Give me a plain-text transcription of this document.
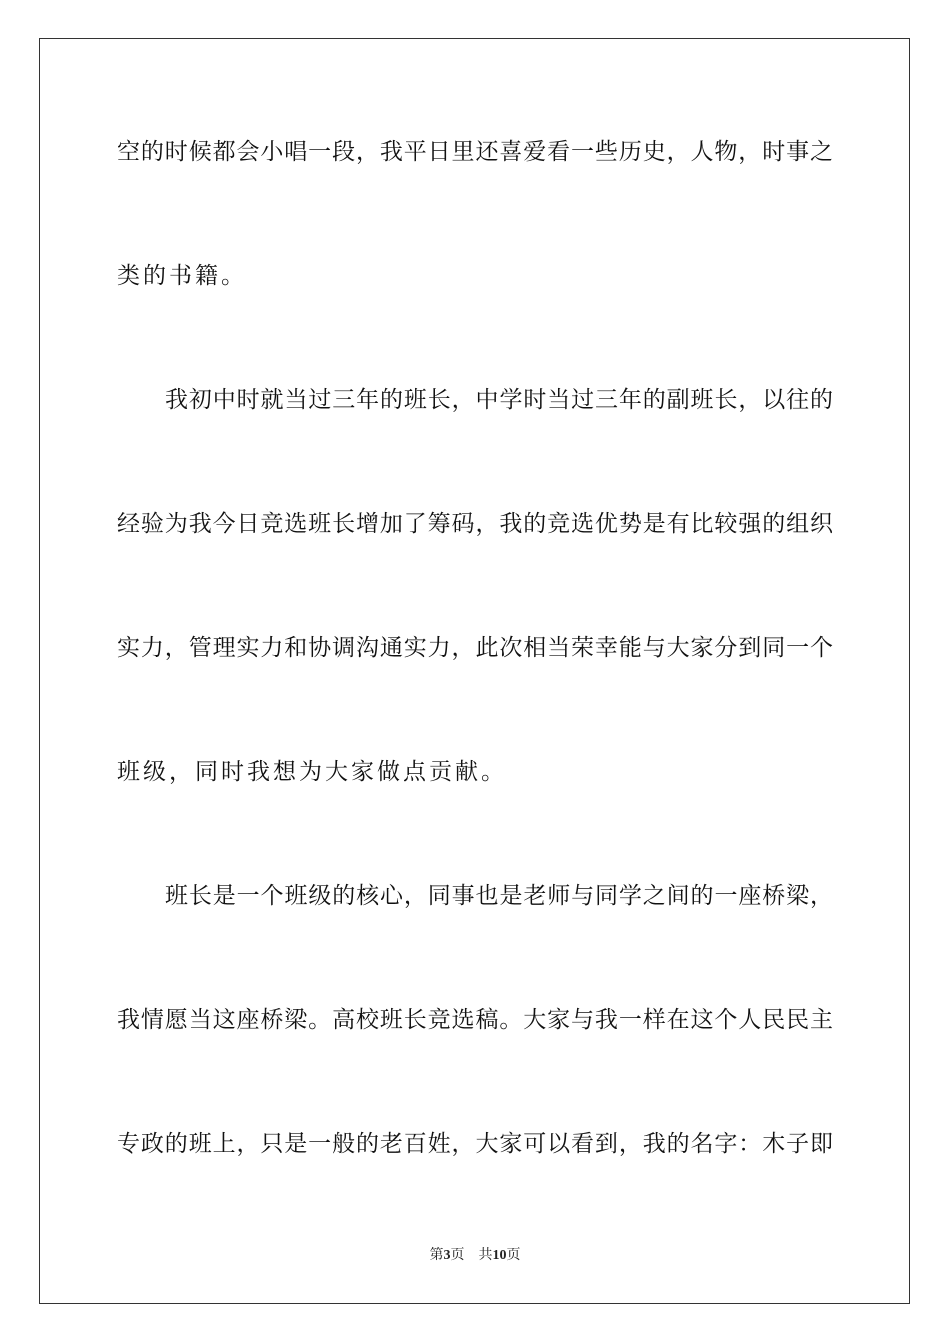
空的时候都会小唱一段，我平日里还喜爱看一些历史，人物，时事之
类的书籍。
我初中时就当过三年的班长，中学时当过三年的副班长，以往的
经验为我今日竞选班长增加了筹码，我的竞选优势是有比较强的组织
实力，管理实力和协调沟通实力，此次相当荣幸能与大家分到同一个
班级，同时我想为大家做点贡献。
班长是一个班级的核心，同事也是老师与同学之间的一座桥梁，
我情愿当这座桥梁。高校班长竞选稿。大家与我一样在这个人民民主
专政的班上，只是一般的老百姓，大家可以看到，我的名字：木子即
第3页 共10页
